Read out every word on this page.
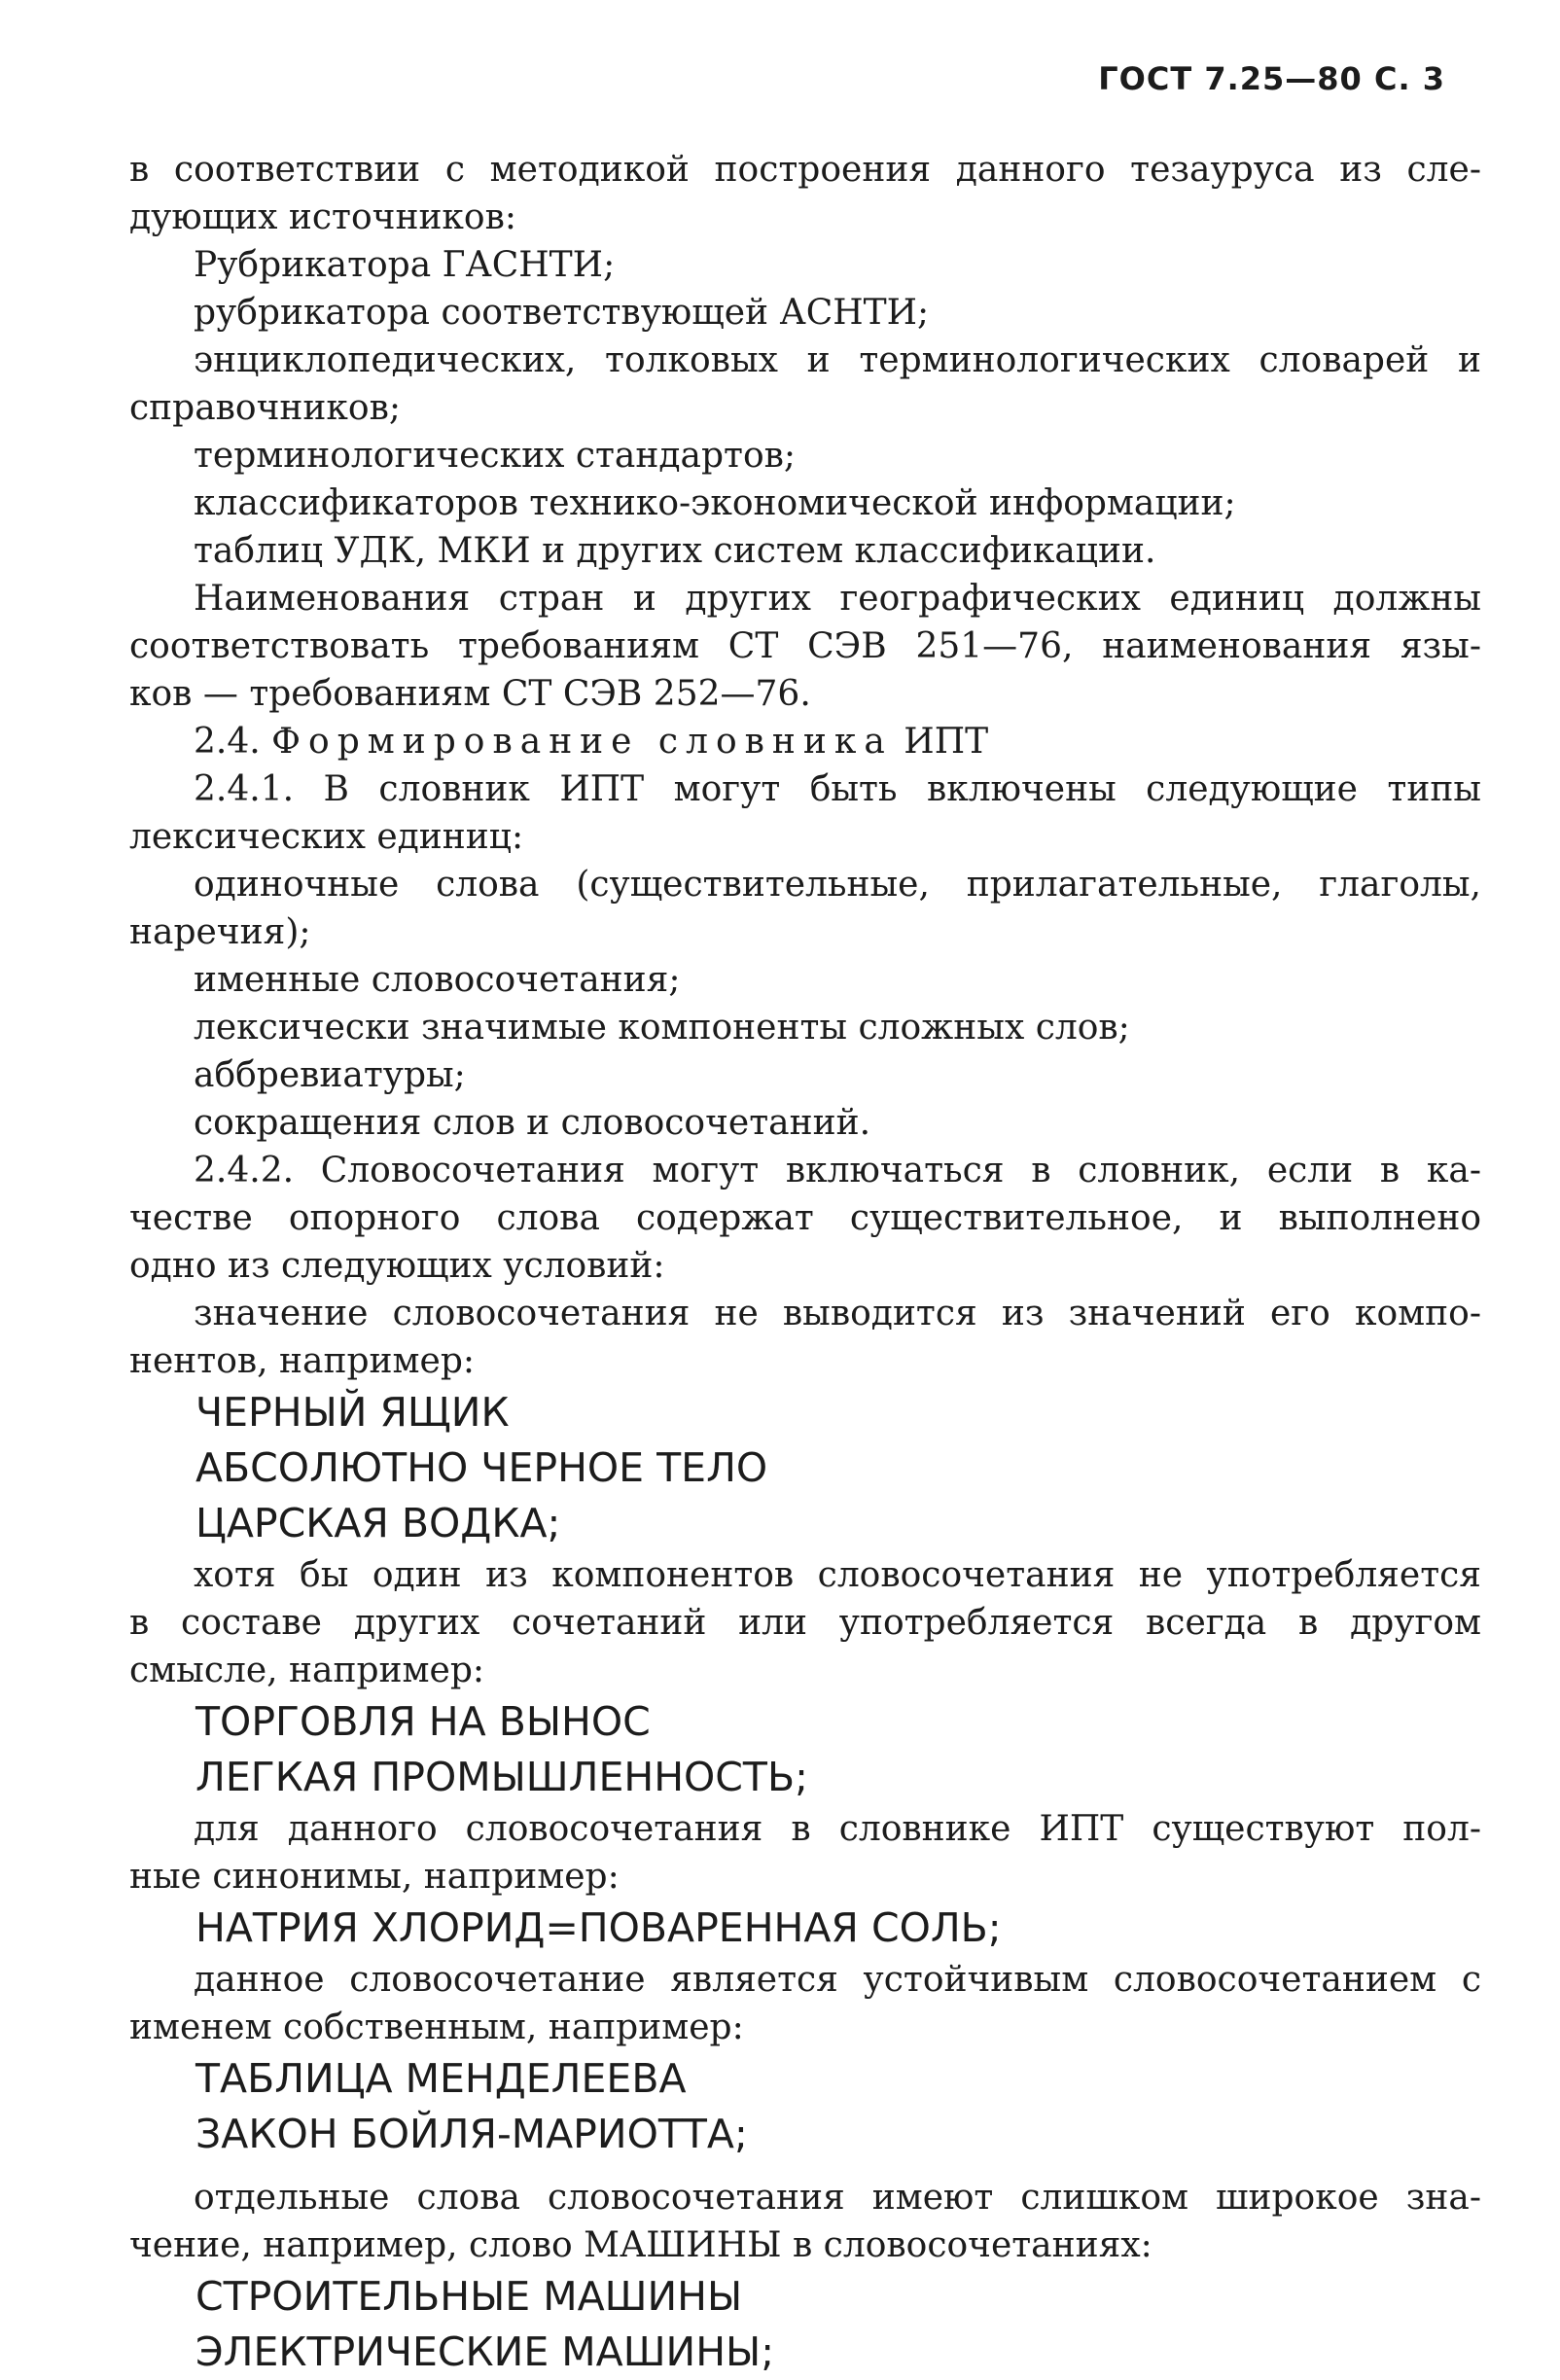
ГОСТ 7.25—80 С. 3
в соответствии с методикой построения данного тезауруса из сле-
дующих источников:
Рубрикатора ГАСНТИ;
рубрикатора соответствующей АСНТИ;
энциклопедических, толковых и терминологических словарей и
справочников;
терминологических стандартов;
классификаторов технико-экономической информации;
таблиц УДК, МКИ и других систем классификации.
Наименования стран и других географических единиц должны
соответствовать требованиям СТ СЭВ 251—76, наименования язы-
ков — требованиям СТ СЭВ 252—76.
2.4. Формирование словника ИПТ
2.4.1. В словник ИПТ могут быть включены следующие типы
лексических единиц:
одиночные слова (существительные, прилагательные, глаголы,
наречия);
именные словосочетания;
лексически значимые компоненты сложных слов;
аббревиатуры;
сокращения слов и словосочетаний.
2.4.2. Словосочетания могут включаться в словник, если в ка-
честве опорного слова содержат существительное, и выполнено
одно из следующих условий:
значение словосочетания не выводится из значений его компо-
нентов, например:
ЧЕРНЫЙ ЯЩИК
АБСОЛЮТНО ЧЕРНОЕ ТЕЛО
ЦАРСКАЯ ВОДКА;
хотя бы один из компонентов словосочетания не употребляется
в составе других сочетаний или употребляется всегда в другом
смысле, например:
ТОРГОВЛЯ НА ВЫНОС
ЛЕГКАЯ ПРОМЫШЛЕННОСТЬ;
для данного словосочетания в словнике ИПТ существуют пол-
ные синонимы, например:
НАТРИЯ ХЛОРИД=ПОВАРЕННАЯ СОЛЬ;
данное словосочетание является устойчивым словосочетанием с
именем собственным, например:
ТАБЛИЦА МЕНДЕЛЕЕВА
ЗАКОН БОЙЛЯ-МАРИОТТА;
отдельные слова словосочетания имеют слишком широкое зна-
чение, например, слово МАШИНЫ в словосочетаниях:
СТРОИТЕЛЬНЫЕ МАШИНЫ
ЭЛЕКТРИЧЕСКИЕ МАШИНЫ;
